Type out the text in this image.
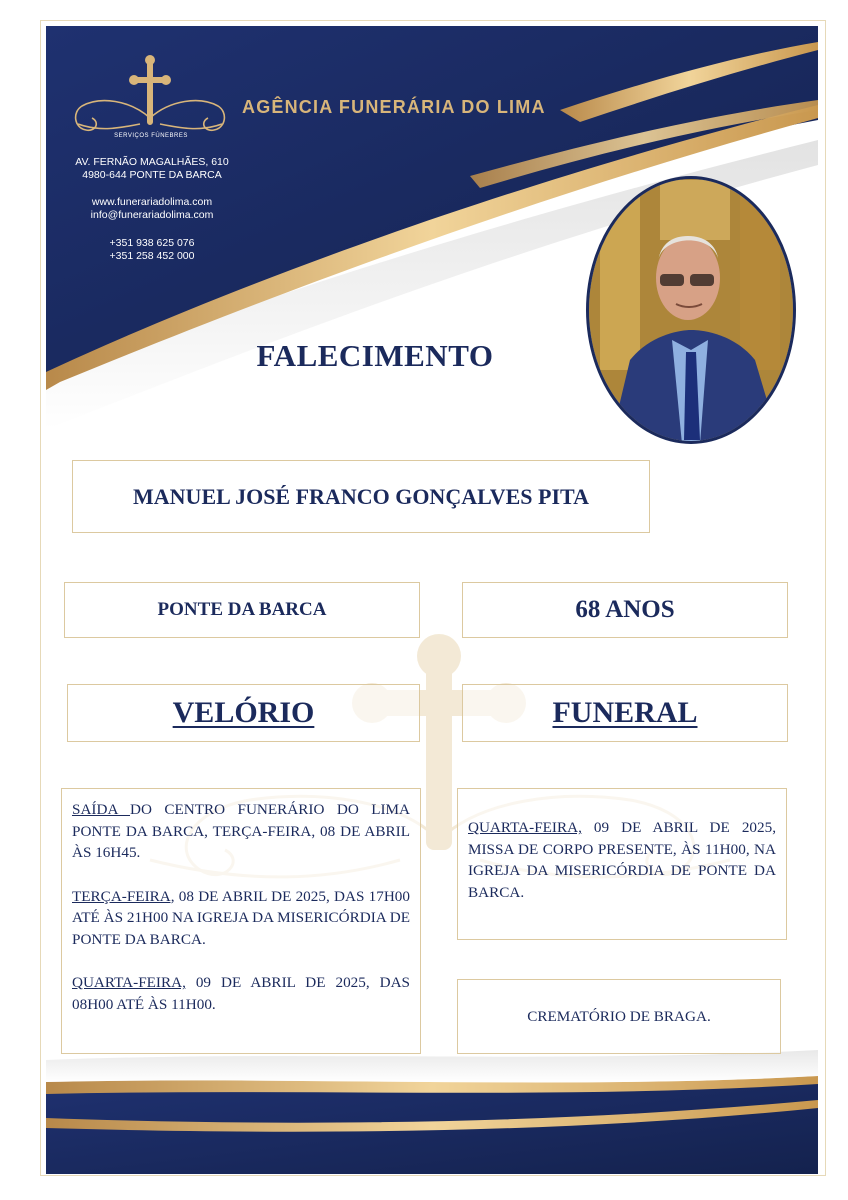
AGÊNCIA FUNERÁRIA DO LIMA
SERVIÇOS FÚNEBRES
AV. FERNÃO MAGALHÃES, 610
4980-644 PONTE DA BARCA
www.funerariadolima.com
info@funerariadolima.com
+351 938 625 076
+351 258 452 000
FALECIMENTO
MANUEL JOSÉ FRANCO GONÇALVES PITA
PONTE DA BARCA	68 ANOS
VELÓRIO	FUNERAL

SAÍDA DO CENTRO FUNERÁRIO DO LIMA PONTE DA BARCA, TERÇA-FEIRA, 08 DE ABRIL ÀS 16H45.

TERÇA-FEIRA, 08 DE ABRIL DE 2025, DAS 17H00 ATÉ ÀS 21H00 NA IGREJA DA MISERICÓRDIA DE PONTE DA BARCA.

QUARTA-FEIRA, 09 DE ABRIL DE 2025, DAS 08H00 ATÉ ÀS 11H00.

QUARTA-FEIRA, 09 DE ABRIL DE 2025, MISSA DE CORPO PRESENTE, ÀS 11H00, NA IGREJA DA MISERICÓRDIA DE PONTE DA BARCA.

CREMATÓRIO DE BRAGA.
